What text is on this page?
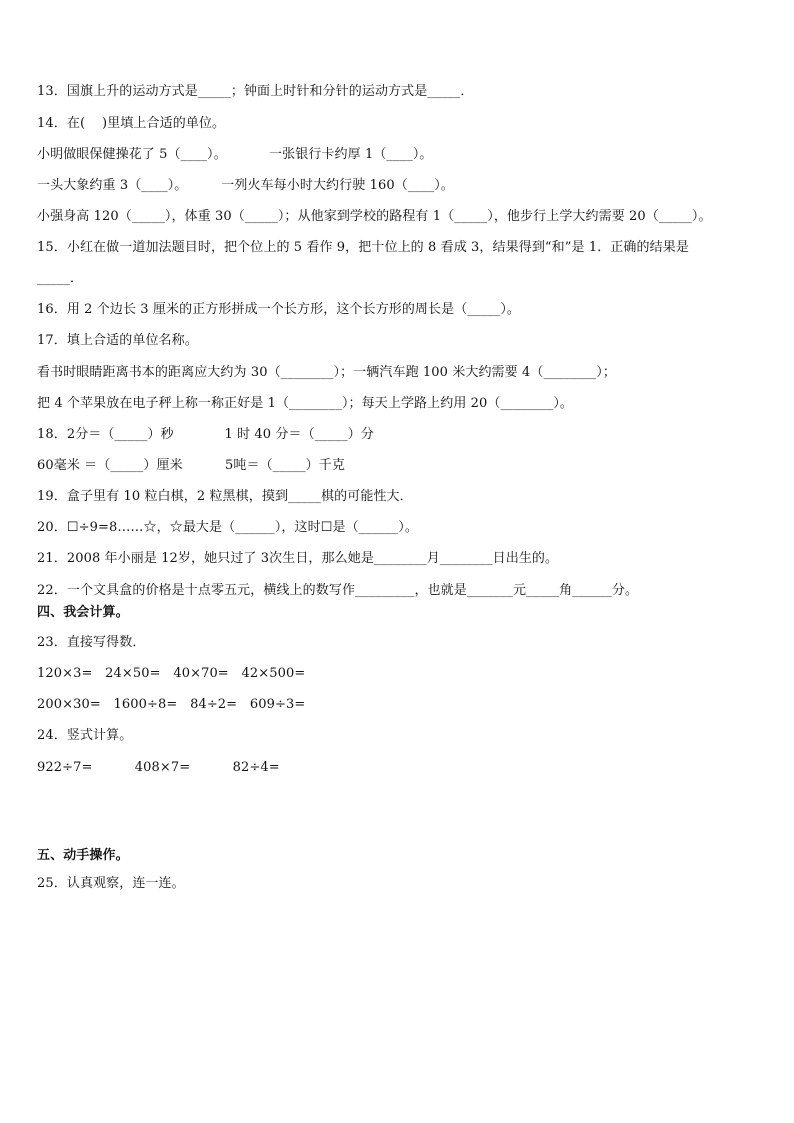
13．国旗上升的运动方式是_____；钟面上时针和分针的运动方式是_____．
14．在(    )里填上合适的单位。
小明做眼保健操花了 5（____）。          一张银行卡约厚 1（____）。
一头大象约重 3（____）。        一列火车每小时大约行驶 160（____）。
小强身高 120（_____），体重 30（_____）；从他家到学校的路程有 1（_____），他步行上学大约需要 20（_____）。
15．小红在做一道加法题目时，把个位上的 5 看作 9，把十位上的 8 看成 3，结果得到“和”是 1．正确的结果是
_____．
16．用 2 个边长 3 厘米的正方形拼成一个长方形，这个长方形的周长是（_____）。
17．填上合适的单位名称。
看书时眼睛距离书本的距离应大约为 30（________）；一辆汽车跑 100 米大约需要 4（________）；
把 4 个苹果放在电子秤上称一称正好是 1（________）；每天上学路上约用 20（________）。
18．2分＝（_____）秒            1 时 40 分＝（_____）分
60毫米 ＝（_____）厘米          5吨＝（_____）千克
19．盒子里有 10 粒白棋，2 粒黑棋，摸到_____棋的可能性大．
20．☐÷9=8……☆，☆最大是（______），这时☐是（______）。
21．2008 年小丽是 12岁，她只过了 3次生日，那么她是________月________日出生的。
22．一个文具盒的价格是十点零五元，横线上的数写作_________，也就是_______元_____角______分。
四、我会计算。
23．直接写得数．
120×3=   24×50=   40×70=   42×500=
200×30=   1600÷8=   84÷2=   609÷3=
24．竖式计算。
922÷7=          408×7=          82÷4=
五、动手操作。
25．认真观察，连一连。
